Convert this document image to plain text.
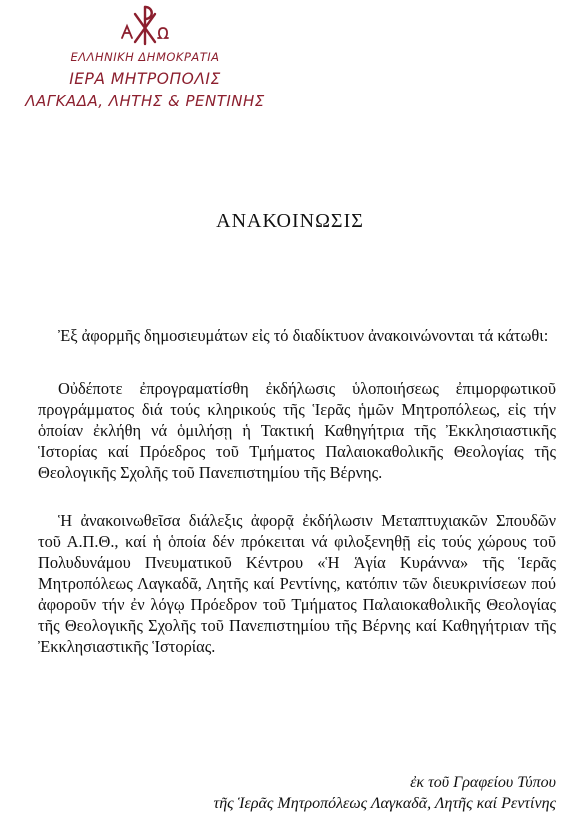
ΕΛΛΗΝΙΚΗ ΔΗΜΟΚΡΑΤΙΑ
ΙΕΡΑ ΜΗΤΡΟΠΟΛΙΣ
ΛΑΓΚΑΔΑ, ΛΗΤΗΣ & ΡΕΝΤΙΝΗΣ
ΑΝΑΚΟΙΝΩΣΙΣ
Ἐξ ἀφορμῆς δημοσιευμάτων εἰς τό διαδίκτυον ἀνακοινώνονται τά κάτωθι:
Οὐδέποτε ἐπρογραματίσθη ἐκδήλωσις ὑλοποιήσεως ἐπιμορφωτικοῦ προγράμματος διά τούς κληρικούς τῆς Ἱερᾶς ἡμῶν Μητροπόλεως, εἰς τήν ὁποίαν ἐκλήθη νά ὁμιλήσῃ ἡ Τακτική Καθηγήτρια τῆς Ἐκκλησιαστικῆς Ἱστορίας καί Πρόεδρος τοῦ Τμήματος Παλαιοκαθολικῆς Θεολογίας τῆς Θεολογικῆς Σχολῆς τοῦ Πανεπιστημίου τῆς Βέρνης.
Ἡ ἀνακοινωθεῖσα διάλεξις ἀφορᾷ ἐκδήλωσιν Μεταπτυχιακῶν Σπουδῶν τοῦ Α.Π.Θ., καί ἡ ὁποία δέν πρόκειται νά φιλοξενηθῇ εἰς τούς χώρους τοῦ Πολυδυνάμου Πνευματικοῦ Κέντρου «Ἡ Ἁγία Κυράννα» τῆς Ἱερᾶς Μητροπόλεως Λαγκαδᾶ, Λητῆς καί Ρεντίνης, κατόπιν τῶν διευκρινίσεων πού ἀφοροῦν τήν ἐν λόγῳ Πρόεδρον τοῦ Τμήματος Παλαιοκαθολικῆς Θεολογίας τῆς Θεολογικῆς Σχολῆς τοῦ Πανεπιστημίου τῆς Βέρνης καί Καθηγήτριαν τῆς Ἐκκλησιαστικῆς Ἱστορίας.
ἐκ τοῦ Γραφείου Τύπου
τῆς Ἱερᾶς Μητροπόλεως Λαγκαδᾶ, Λητῆς καί Ρεντίνης
